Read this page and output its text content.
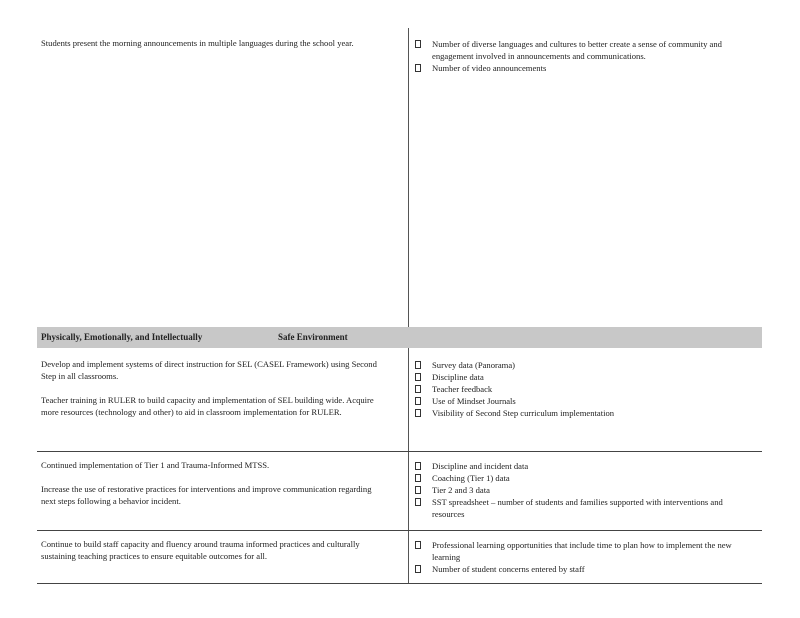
Students present the morning announcements in multiple languages during the school year.	Number of diverse languages and cultures to better create a sense of community and engagement involved in announcements and communications.
Number of video announcements
Physically, Emotionally, and Intellectually	Safe Environment

Develop and implement systems of direct instruction for SEL (CASEL Framework) using Second Step in all classrooms.

Teacher training in RULER to build capacity and implementation of SEL building wide. Acquire more resources (technology and other) to aid in classroom implementation for RULER.

Survey data (Panorama)
Discipline data
Teacher feedback
Use of Mindset Journals
Visibility of Second Step curriculum implementation

Continued implementation of Tier 1 and Trauma-Informed MTSS.

Increase the use of restorative practices for interventions and improve communication regarding next steps following a behavior incident.

Discipline and incident data
Coaching (Tier 1) data
Tier 2 and 3 data
SST spreadsheet – number of students and families supported with interventions and resources

Continue to build staff capacity and fluency around trauma informed practices and culturally sustaining teaching practices to ensure equitable outcomes for all.

Professional learning opportunities that include time to plan how to implement the new learning
Number of student concerns entered by staff
